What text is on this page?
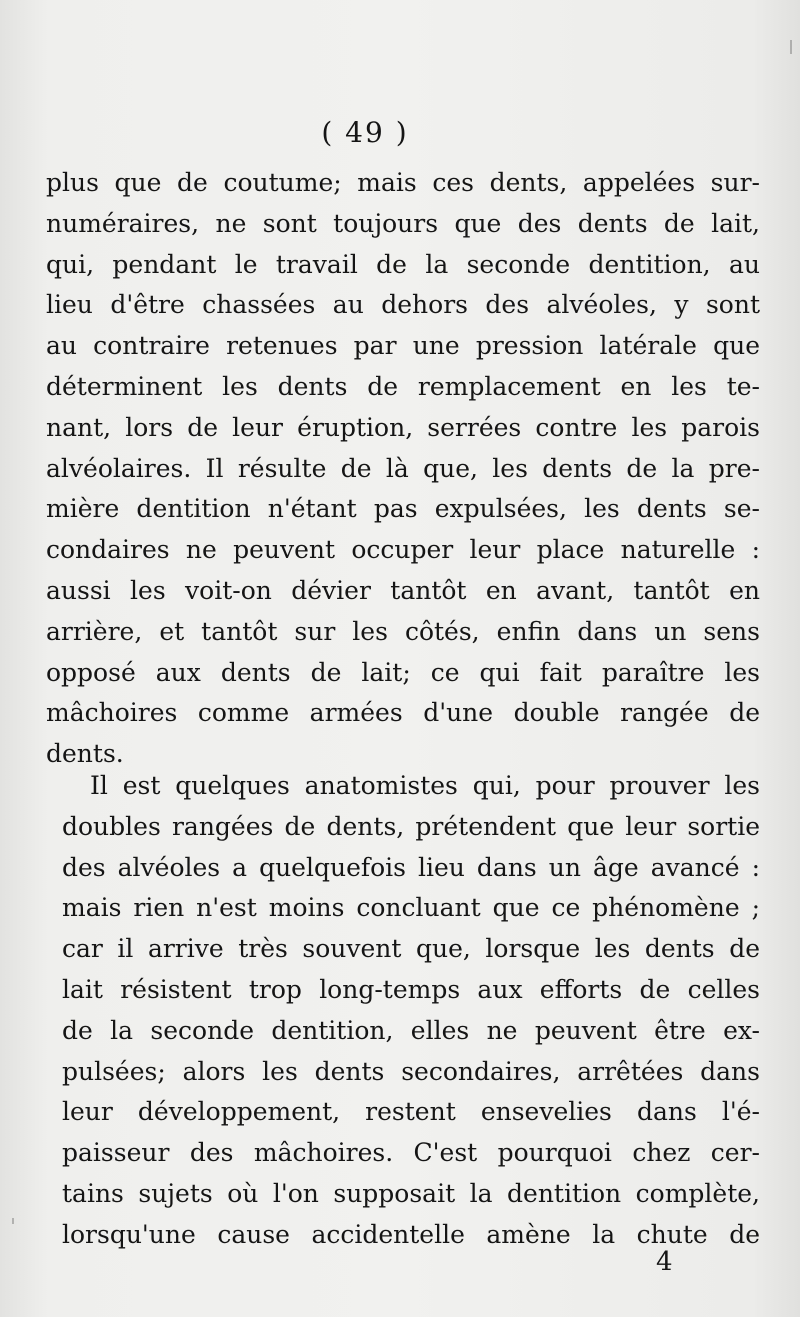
( 49 )
plus que de coutume; mais ces dents, appelées sur-
numéraires, ne sont toujours que des dents de lait,
qui, pendant le travail de la seconde dentition, au
lieu d'être chassées au dehors des alvéoles, y sont
au contraire retenues par une pression latérale que
déterminent les dents de remplacement en les te-
nant, lors de leur éruption, serrées contre les parois
alvéolaires. Il résulte de là que, les dents de la pre-
mière dentition n'étant pas expulsées, les dents se-
condaires ne peuvent occuper leur place naturelle :
aussi les voit-on dévier tantôt en avant, tantôt en
arrière, et tantôt sur les côtés, enfin dans un sens
opposé aux dents de lait; ce qui fait paraître les
mâchoires comme armées d'une double rangée de
dents.
Il est quelques anatomistes qui, pour prouver les
doubles rangées de dents, prétendent que leur sortie
des alvéoles a quelquefois lieu dans un âge avancé :
mais rien n'est moins concluant que ce phénomène ;
car il arrive très souvent que, lorsque les dents de
lait résistent trop long-temps aux efforts de celles
de la seconde dentition, elles ne peuvent être ex-
pulsées; alors les dents secondaires, arrêtées dans
leur développement, restent ensevelies dans l'é-
paisseur des mâchoires. C'est pourquoi chez cer-
tains sujets où l'on supposait la dentition complète,
lorsqu'une cause accidentelle amène la chute de
4
